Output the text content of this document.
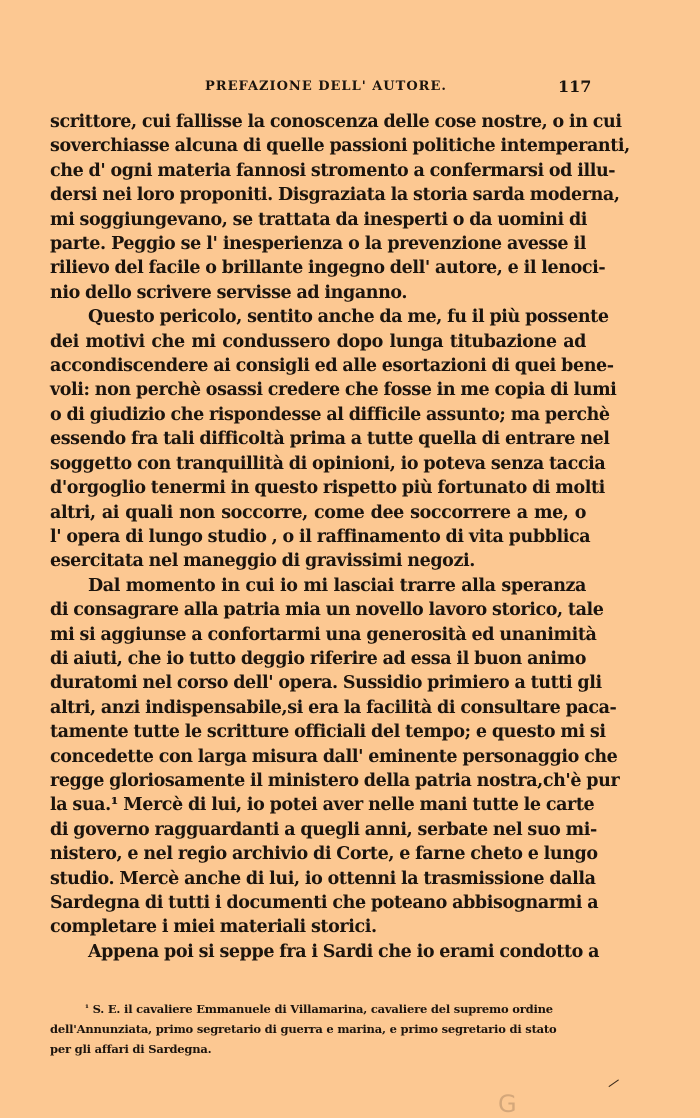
PREFAZIONE DELL' AUTORE.	117
scrittore, cui fallisse la conoscenza delle cose nostre, o in cui
soverchiasse alcuna di quelle passioni politiche intemperanti,
che d' ogni materia fannosi stromento a confermarsi od illu-
dersi nei loro proponiti. Disgraziata la storia sarda moderna,
mi soggiungevano, se trattata da inesperti o da uomini di
parte. Peggio se l' inesperienza o la prevenzione avesse il
rilievo del facile o brillante ingegno dell' autore, e il lenoci-
nio dello scrivere servisse ad inganno.
Questo pericolo, sentito anche da me, fu il più possente
dei motivi che mi condussero dopo lunga titubazione ad
accondiscendere ai consigli ed alle esortazioni di quei bene-
voli: non perchè osassi credere che fosse in me copia di lumi
o di giudizio che rispondesse al difficile assunto; ma perchè
essendo fra tali difficoltà prima a tutte quella di entrare nel
soggetto con tranquillità di opinioni, io poteva senza taccia
d'orgoglio tenermi in questo rispetto più fortunato di molti
altri, ai quali non soccorre, come dee soccorrere a me, o
l' opera di lungo studio , o il raffinamento di vita pubblica
esercitata nel maneggio di gravissimi negozi.
Dal momento in cui io mi lasciai trarre alla speranza
di consagrare alla patria mia un novello lavoro storico, tale
mi si aggiunse a confortarmi una generosità ed unanimità
di aiuti, che io tutto deggio riferire ad essa il buon animo
duratomi nel corso dell' opera. Sussidio primiero a tutti gli
altri, anzi indispensabile,si era la facilità di consultare paca-
tamente tutte le scritture officiali del tempo; e questo mi si
concedette con larga misura dall' eminente personaggio che
regge gloriosamente il ministero della patria nostra,ch'è pur
la sua.¹ Mercè di lui, io potei aver nelle mani tutte le carte
di governo ragguardanti a quegli anni, serbate nel suo mi-
nistero, e nel regio archivio di Corte, e farne cheto e lungo
studio. Mercè anche di lui, io ottenni la trasmissione dalla
Sardegna di tutti i documenti che poteano abbisognarmi a
completare i miei materiali storici.
Appena poi si seppe fra i Sardi che io erami condotto a
$^{^1}$ S. E. il cavaliere Emmanuele di Villamarina, cavaliere del supremo ordine
dell'Annunziata, primo segretario di guerra e marina, e primo segretario di stato
per gli affari di Sardegna.
G
